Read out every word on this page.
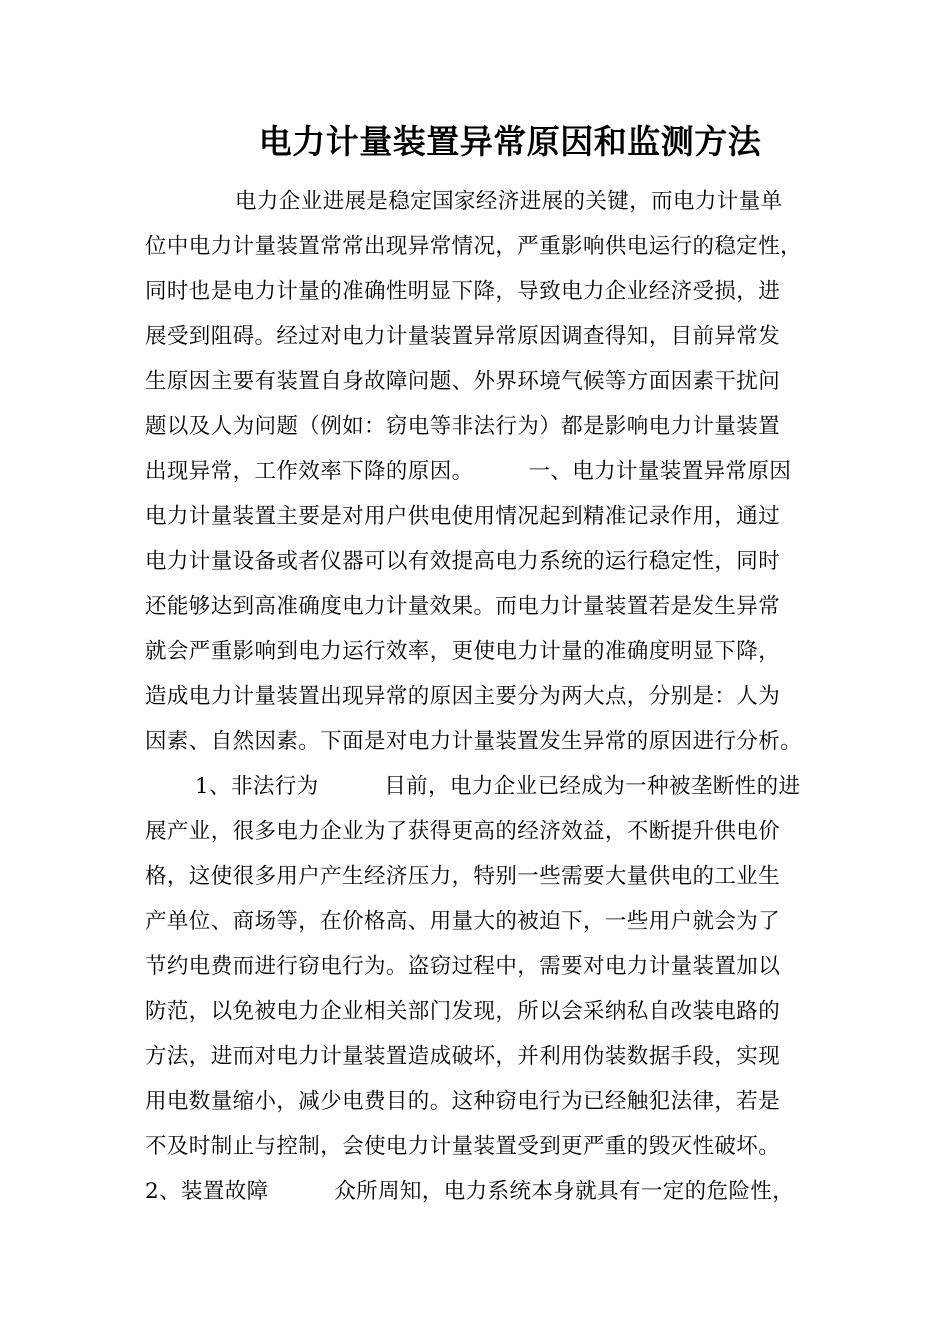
电力计量装置异常原因和监测方法
电力企业进展是稳定国家经济进展的关键，而电力计量单
位中电力计量装置常常出现异常情况，严重影响供电运行的稳定性，
同时也是电力计量的准确性明显下降，导致电力企业经济受损，进
展受到阻碍。经过对电力计量装置异常原因调查得知，目前异常发
生原因主要有装置自身故障问题、外界环境气候等方面因素干扰问
题以及人为问题（例如：窃电等非法行为）都是影响电力计量装置
出现异常，工作效率下降的原因。　　　一、电力计量装置异常原因
电力计量装置主要是对用户供电使用情况起到精准记录作用，通过
电力计量设备或者仪器可以有效提高电力系统的运行稳定性，同时
还能够达到高准确度电力计量效果。而电力计量装置若是发生异常
就会严重影响到电力运行效率，更使电力计量的准确度明显下降，
造成电力计量装置出现异常的原因主要分为两大点，分别是：人为
因素、自然因素。下面是对电力计量装置发生异常的原因进行分析。
1、非法行为　　　目前，电力企业已经成为一种被垄断性的进
展产业，很多电力企业为了获得更高的经济效益，不断提升供电价
格，这使很多用户产生经济压力，特别一些需要大量供电的工业生
产单位、商场等，在价格高、用量大的被迫下，一些用户就会为了
节约电费而进行窃电行为。盗窃过程中，需要对电力计量装置加以
防范，以免被电力企业相关部门发现，所以会采纳私自改装电路的
方法，进而对电力计量装置造成破坏，并利用伪装数据手段，实现
用电数量缩小，减少电费目的。这种窃电行为已经触犯法律，若是
不及时制止与控制，会使电力计量装置受到更严重的毁灭性破坏。
2、装置故障　　　众所周知，电力系统本身就具有一定的危险性，
